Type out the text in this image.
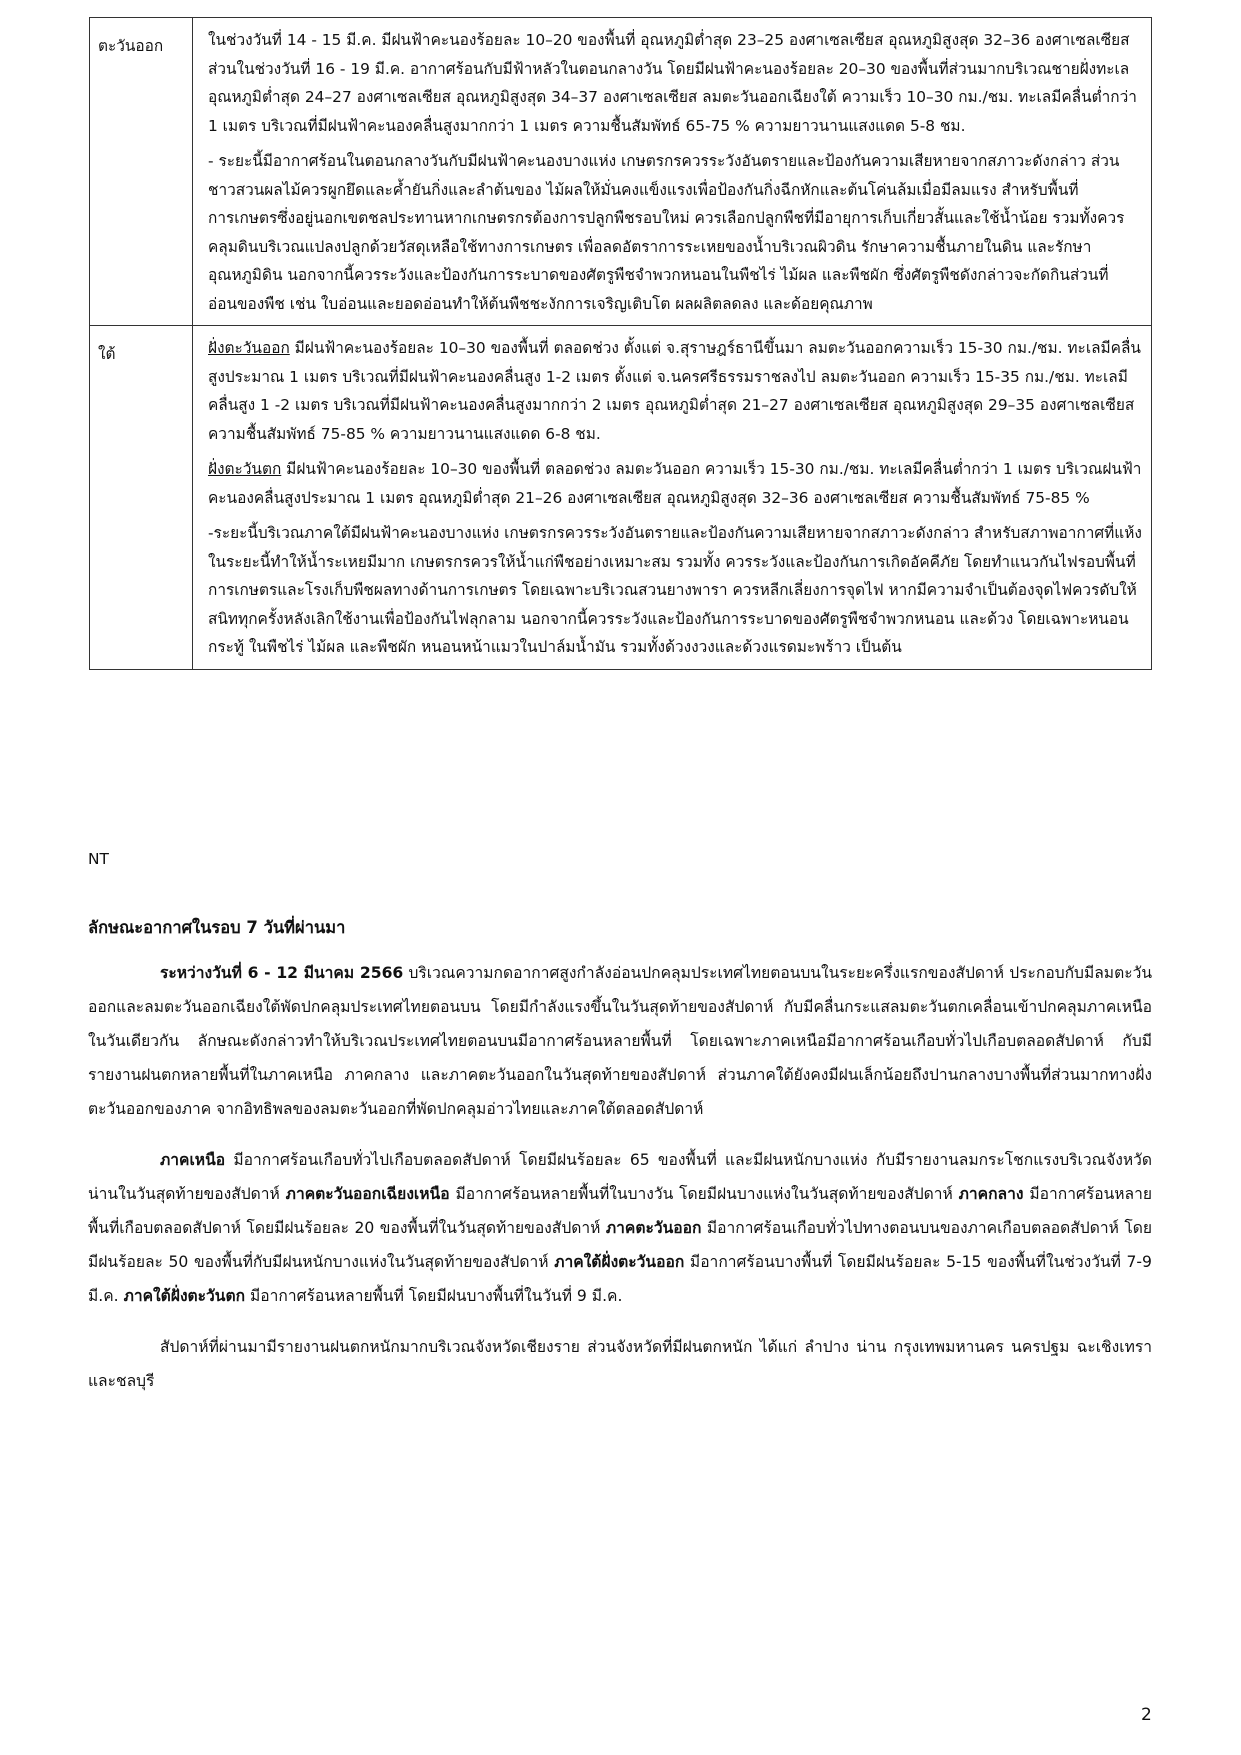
ตะวันออก	ในช่วงวันที่ 14 - 15 มี.ค. มีฝนฟ้าคะนองร้อยละ 10–20 ของพื้นที่ อุณหภูมิต่ำสุด 23–25 องศาเซลเซียส อุณหภูมิสูงสุด 32–36 องศาเซลเซียส ส่วนในช่วงวันที่ 16 - 19 มี.ค. อากาศร้อนกับมีฟ้าหลัวในตอนกลางวัน โดยมีฝนฟ้าคะนองร้อยละ 20–30 ของพื้นที่ส่วนมากบริเวณชายฝั่งทะเล อุณหภูมิต่ำสุด 24–27 องศาเซลเซียส อุณหภูมิสูงสุด 34–37 องศาเซลเซียส ลมตะวันออกเฉียงใต้ ความเร็ว 10–30 กม./ชม. ทะเลมีคลื่นต่ำกว่า 1 เมตร บริเวณที่มีฝนฟ้าคะนองคลื่นสูงมากกว่า 1 เมตร ความชื้นสัมพัทธ์ 65-75 % ความยาวนานแสงแดด 5-8 ชม.

- ระยะนี้มีอากาศร้อนในตอนกลางวันกับมีฝนฟ้าคะนองบางแห่ง เกษตรกรควรระวังอันตรายและป้องกันความเสียหายจากสภาวะดังกล่าว ส่วนชาวสวนผลไม้ควรผูกยึดและค้ำยันกิ่งและลำต้นของ ไม้ผลให้มั่นคงแข็งแรงเพื่อป้องกันกิ่งฉีกหักและต้นโค่นล้มเมื่อมีลมแรง สำหรับพื้นที่การเกษตรซึ่งอยู่นอกเขตชลประทานหากเกษตรกรต้องการปลูกพืชรอบใหม่ ควรเลือกปลูกพืชที่มีอายุการเก็บเกี่ยวสั้นและใช้น้ำน้อย รวมทั้งควรคลุมดินบริเวณแปลงปลูกด้วยวัสดุเหลือใช้ทางการเกษตร เพื่อลดอัตราการระเหยของน้ำบริเวณผิวดิน รักษาความชื้นภายในดิน และรักษาอุณหภูมิดิน นอกจากนี้ควรระวังและป้องกันการระบาดของศัตรูพืชจำพวกหนอนในพืชไร่ ไม้ผล และพืชผัก ซึ่งศัตรูพืชดังกล่าวจะกัดกินส่วนที่อ่อนของพืช เช่น ใบอ่อนและยอดอ่อนทำให้ต้นพืชชะงักการเจริญเติบโต ผลผลิตลดลง และด้อยคุณภาพ

ใต้	ฝั่งตะวันออก มีฝนฟ้าคะนองร้อยละ 10–30 ของพื้นที่ ตลอดช่วง ตั้งแต่ จ.สุราษฎร์ธานีขึ้นมา ลมตะวันออกความเร็ว 15-30 กม./ชม. ทะเลมีคลื่นสูงประมาณ 1 เมตร บริเวณที่มีฝนฟ้าคะนองคลื่นสูง 1-2 เมตร ตั้งแต่ จ.นครศรีธรรมราชลงไป ลมตะวันออก ความเร็ว 15-35 กม./ชม. ทะเลมีคลื่นสูง 1 -2 เมตร บริเวณที่มีฝนฟ้าคะนองคลื่นสูงมากกว่า 2 เมตร อุณหภูมิต่ำสุด 21–27 องศาเซลเซียส อุณหภูมิสูงสุด 29–35 องศาเซลเซียส ความชื้นสัมพัทธ์ 75-85 % ความยาวนานแสงแดด 6-8 ชม.

ฝั่งตะวันตก มีฝนฟ้าคะนองร้อยละ 10–30 ของพื้นที่ ตลอดช่วง ลมตะวันออก ความเร็ว 15-30 กม./ชม. ทะเลมีคลื่นต่ำกว่า 1 เมตร บริเวณฝนฟ้าคะนองคลื่นสูงประมาณ 1 เมตร อุณหภูมิต่ำสุด 21–26 องศาเซลเซียส อุณหภูมิสูงสุด 32–36 องศาเซลเซียส ความชื้นสัมพัทธ์ 75-85 %

-ระยะนี้บริเวณภาคใต้มีฝนฟ้าคะนองบางแห่ง เกษตรกรควรระวังอันตรายและป้องกันความเสียหายจากสภาวะดังกล่าว สำหรับสภาพอากาศที่แห้งในระยะนี้ทำให้น้ำระเหยมีมาก เกษตรกรควรให้น้ำแก่พืชอย่างเหมาะสม รวมทั้ง ควรระวังและป้องกันการเกิดอัคคีภัย โดยทำแนวกันไฟรอบพื้นที่การเกษตรและโรงเก็บพืชผลทางด้านการเกษตร โดยเฉพาะบริเวณสวนยางพารา ควรหลีกเลี่ยงการจุดไฟ หากมีความจำเป็นต้องจุดไฟควรดับให้สนิททุกครั้งหลังเลิกใช้งานเพื่อป้องกันไฟลุกลาม นอกจากนี้ควรระวังและป้องกันการระบาดของศัตรูพืชจำพวกหนอน และด้วง โดยเฉพาะหนอนกระทู้ ในพืชไร่ ไม้ผล และพืชผัก หนอนหน้าแมวในปาล์มน้ำมัน รวมทั้งด้วงงวงและด้วงแรดมะพร้าว เป็นต้น

NT
ลักษณะอากาศในรอบ 7 วันที่ผ่านมา

ระหว่างวันที่ 6 - 12 มีนาคม 2566 บริเวณความกดอากาศสูงกำลังอ่อนปกคลุมประเทศไทยตอนบนในระยะครึ่งแรกของสัปดาห์ ประกอบกับมีลมตะวันออกและลมตะวันออกเฉียงใต้พัดปกคลุมประเทศไทยตอนบน โดยมีกำลังแรงขึ้นในวันสุดท้ายของสัปดาห์ กับมีคลื่นกระแสลมตะวันตกเคลื่อนเข้าปกคลุมภาคเหนือในวันเดียวกัน ลักษณะดังกล่าวทำให้บริเวณประเทศไทยตอนบนมีอากาศร้อนหลายพื้นที่ โดยเฉพาะภาคเหนือมีอากาศร้อนเกือบทั่วไปเกือบตลอดสัปดาห์ กับมีรายงานฝนตกหลายพื้นที่ในภาคเหนือ ภาคกลาง และภาคตะวันออกในวันสุดท้ายของสัปดาห์ ส่วนภาคใต้ยังคงมีฝนเล็กน้อยถึงปานกลางบางพื้นที่ส่วนมากทางฝั่งตะวันออกของภาค จากอิทธิพลของลมตะวันออกที่พัดปกคลุมอ่าวไทยและภาคใต้ตลอดสัปดาห์

ภาคเหนือ มีอากาศร้อนเกือบทั่วไปเกือบตลอดสัปดาห์ โดยมีฝนร้อยละ 65 ของพื้นที่ และมีฝนหนักบางแห่ง กับมีรายงานลมกระโชกแรงบริเวณจังหวัดน่านในวันสุดท้ายของสัปดาห์ ภาคตะวันออกเฉียงเหนือ มีอากาศร้อนหลายพื้นที่ในบางวัน โดยมีฝนบางแห่งในวันสุดท้ายของสัปดาห์ ภาคกลาง มีอากาศร้อนหลายพื้นที่เกือบตลอดสัปดาห์ โดยมีฝนร้อยละ 20 ของพื้นที่ในวันสุดท้ายของสัปดาห์ ภาคตะวันออก มีอากาศร้อนเกือบทั่วไปทางตอนบนของภาคเกือบตลอดสัปดาห์ โดยมีฝนร้อยละ 50 ของพื้นที่กับมีฝนหนักบางแห่งในวันสุดท้ายของสัปดาห์ ภาคใต้ฝั่งตะวันออก มีอากาศร้อนบางพื้นที่ โดยมีฝนร้อยละ 5-15 ของพื้นที่ในช่วงวันที่ 7-9 มี.ค. ภาคใต้ฝั่งตะวันตก มีอากาศร้อนหลายพื้นที่ โดยมีฝนบางพื้นที่ในวันที่ 9 มี.ค.

สัปดาห์ที่ผ่านมามีรายงานฝนตกหนักมากบริเวณจังหวัดเชียงราย ส่วนจังหวัดที่มีฝนตกหนัก ได้แก่ ลำปาง น่าน กรุงเทพมหานคร นครปฐม ฉะเชิงเทรา และชลบุรี

2
